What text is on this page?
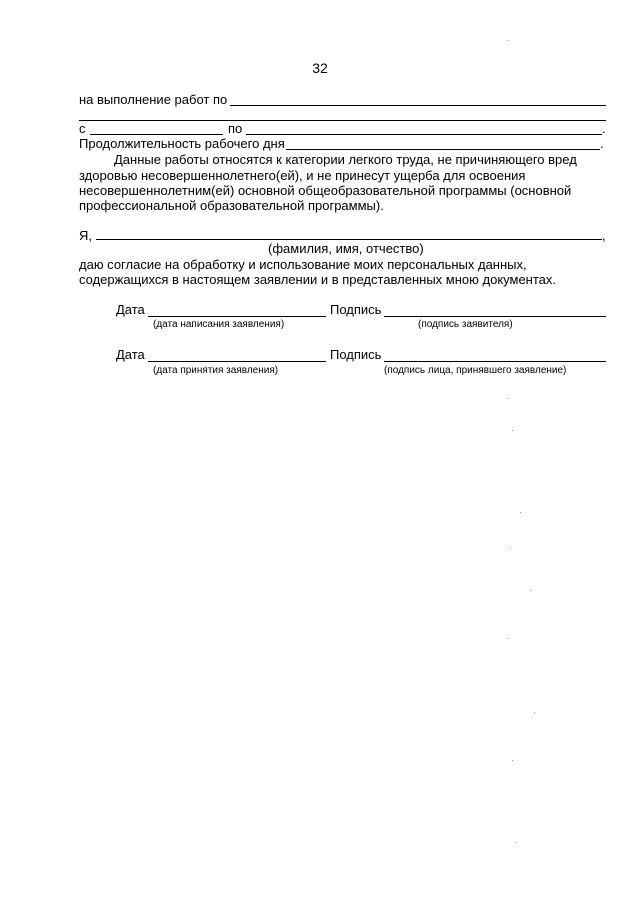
32
на выполнение работ по
с	по	.
Продолжительность рабочего дня	.
Данные работы относятся к категории легкого труда, не причиняющего вред
здоровью несовершеннолетнего(ей), и не принесут ущерба для освоения
несовершеннолетним(ей) основной общеобразовательной программы (основной
профессиональной образовательной программы).
Я,	,
(фамилия, имя, отчество)
даю согласие на обработку и использование моих персональных данных,
содержащихся в настоящем заявлении и в представленных мною документах.
Дата	Подпись
(дата написания заявления)	(подпись заявителя)
Дата	Подпись
(дата принятия заявления)	(подпись лица, принявшего заявление)
